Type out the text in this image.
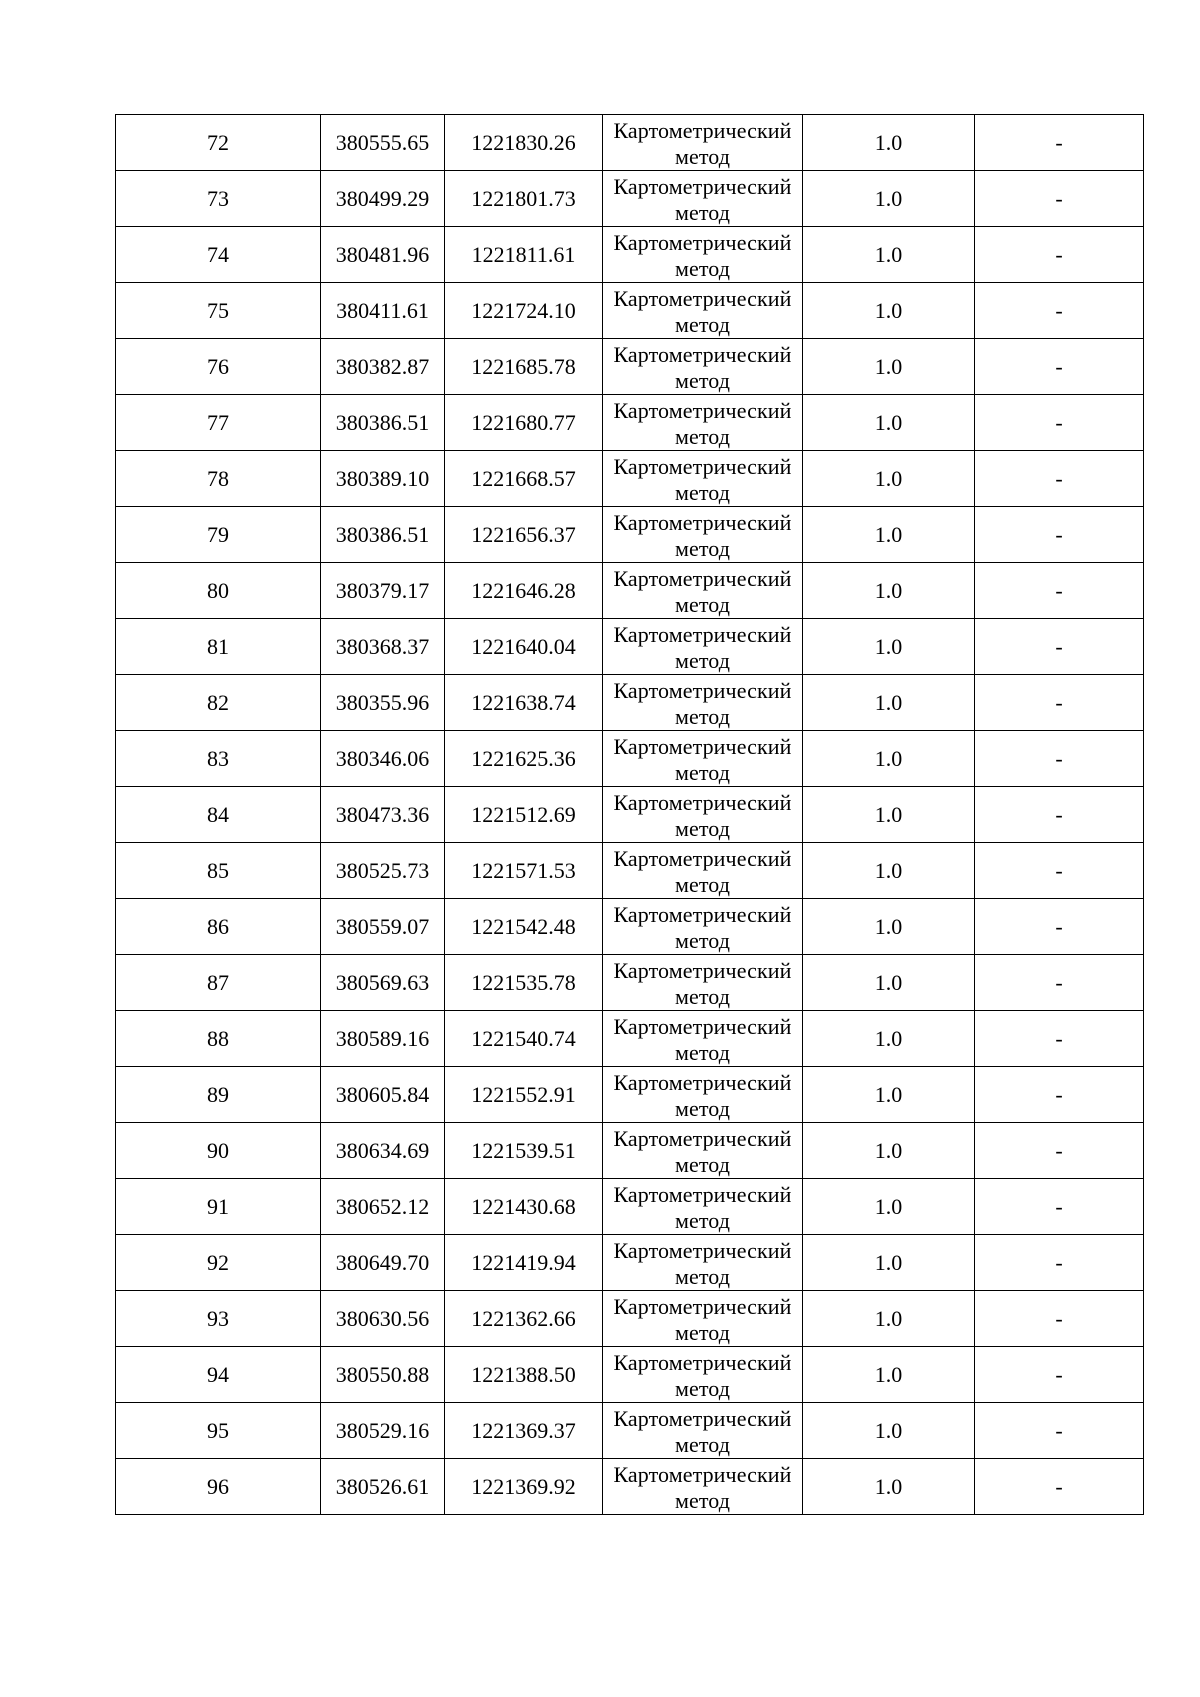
72	380555.65	1221830.26	Картометрический
метод	1.0	-
73	380499.29	1221801.73	Картометрический
метод	1.0	-
74	380481.96	1221811.61	Картометрический
метод	1.0	-
75	380411.61	1221724.10	Картометрический
метод	1.0	-
76	380382.87	1221685.78	Картометрический
метод	1.0	-
77	380386.51	1221680.77	Картометрический
метод	1.0	-
78	380389.10	1221668.57	Картометрический
метод	1.0	-
79	380386.51	1221656.37	Картометрический
метод	1.0	-
80	380379.17	1221646.28	Картометрический
метод	1.0	-
81	380368.37	1221640.04	Картометрический
метод	1.0	-
82	380355.96	1221638.74	Картометрический
метод	1.0	-
83	380346.06	1221625.36	Картометрический
метод	1.0	-
84	380473.36	1221512.69	Картометрический
метод	1.0	-
85	380525.73	1221571.53	Картометрический
метод	1.0	-
86	380559.07	1221542.48	Картометрический
метод	1.0	-
87	380569.63	1221535.78	Картометрический
метод	1.0	-
88	380589.16	1221540.74	Картометрический
метод	1.0	-
89	380605.84	1221552.91	Картометрический
метод	1.0	-
90	380634.69	1221539.51	Картометрический
метод	1.0	-
91	380652.12	1221430.68	Картометрический
метод	1.0	-
92	380649.70	1221419.94	Картометрический
метод	1.0	-
93	380630.56	1221362.66	Картометрический
метод	1.0	-
94	380550.88	1221388.50	Картометрический
метод	1.0	-
95	380529.16	1221369.37	Картометрический
метод	1.0	-
96	380526.61	1221369.92	Картометрический
метод	1.0	-
